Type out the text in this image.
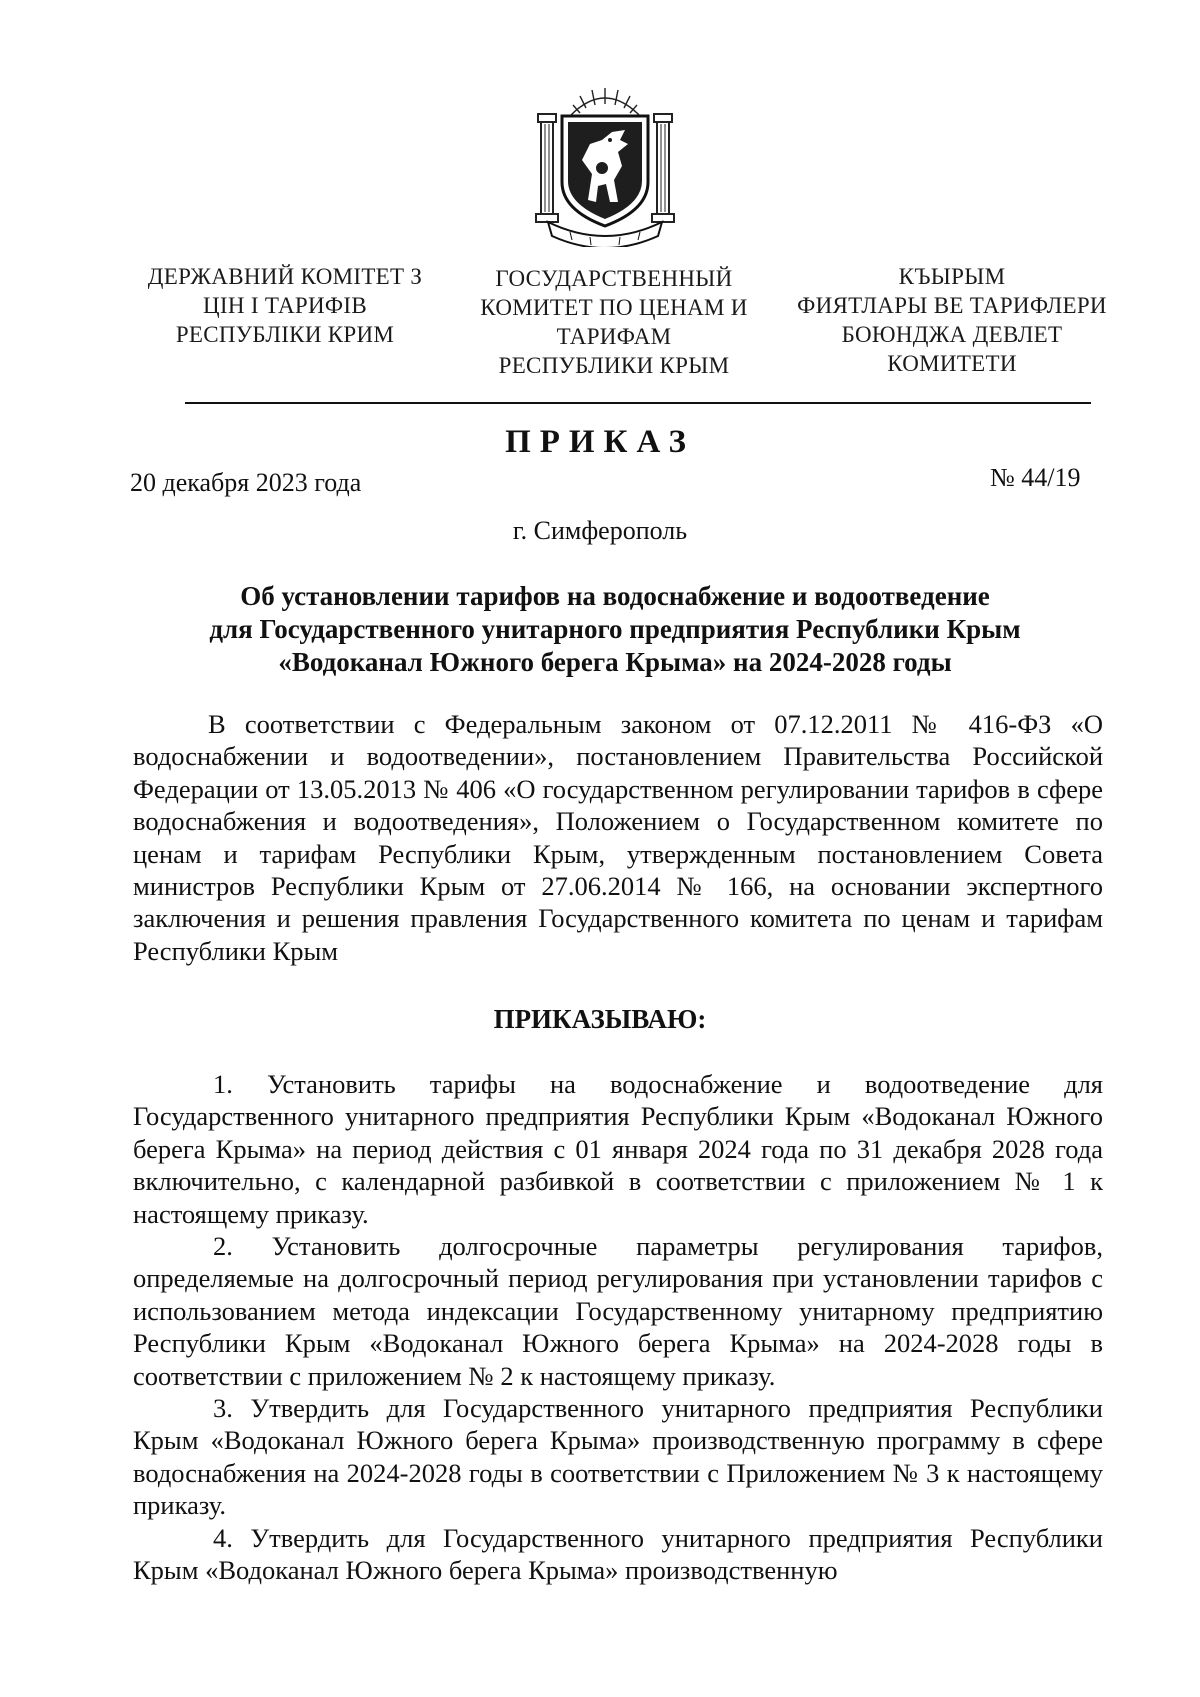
ДЕРЖАВНИЙ КОМІТЕТ З
ЦІН І ТАРИФІВ
РЕСПУБЛІКИ КРИМ
ГОСУДАРСТВЕННЫЙ
КОМИТЕТ ПО ЦЕНАМ И
ТАРИФАМ
РЕСПУБЛИКИ КРЫМ
КЪЫРЫМ
ФИЯТЛАРЫ ВЕ ТАРИФЛЕРИ
БОЮНДЖА ДЕВЛЕТ
КОМИТЕТИ
ПРИКАЗ
20 декабря 2023 года	№ 44/19
г. Симферополь
Об установлении тарифов на водоснабжение и водоотведение
для Государственного унитарного предприятия Республики Крым
«Водоканал Южного берега Крыма» на 2024-2028 годы

В соответствии с Федеральным законом от 07.12.2011 № 416-ФЗ «О водоснабжении и водоотведении», постановлением Правительства Российской Федерации от 13.05.2013 № 406 «О государственном регулировании тарифов в сфере водоснабжения и водоотведения», Положением о Государственном комитете по ценам и тарифам Республики Крым, утвержденным постановлением Совета министров Республики Крым от 27.06.2014 № 166, на основании экспертного заключения и решения правления Государственного комитета по ценам и тарифам Республики Крым

ПРИКАЗЫВАЮ:

1. Установить тарифы на водоснабжение и водоотведение для Государственного унитарного предприятия Республики Крым «Водоканал Южного берега Крыма» на период действия с 01 января 2024 года по 31 декабря 2028 года включительно, с календарной разбивкой в соответствии с приложением № 1 к настоящему приказу.

2. Установить долгосрочные параметры регулирования тарифов, определяемые на долгосрочный период регулирования при установлении тарифов с использованием метода индексации Государственному унитарному предприятию Республики Крым «Водоканал Южного берега Крыма» на 2024-2028 годы в соответствии с приложением № 2 к настоящему приказу.

3. Утвердить для Государственного унитарного предприятия Республики Крым «Водоканал Южного берега Крыма» производственную программу в сфере водоснабжения на 2024-2028 годы в соответствии с Приложением № 3 к настоящему приказу.

4. Утвердить для Государственного унитарного предприятия Республики Крым «Водоканал Южного берега Крыма» производственную
